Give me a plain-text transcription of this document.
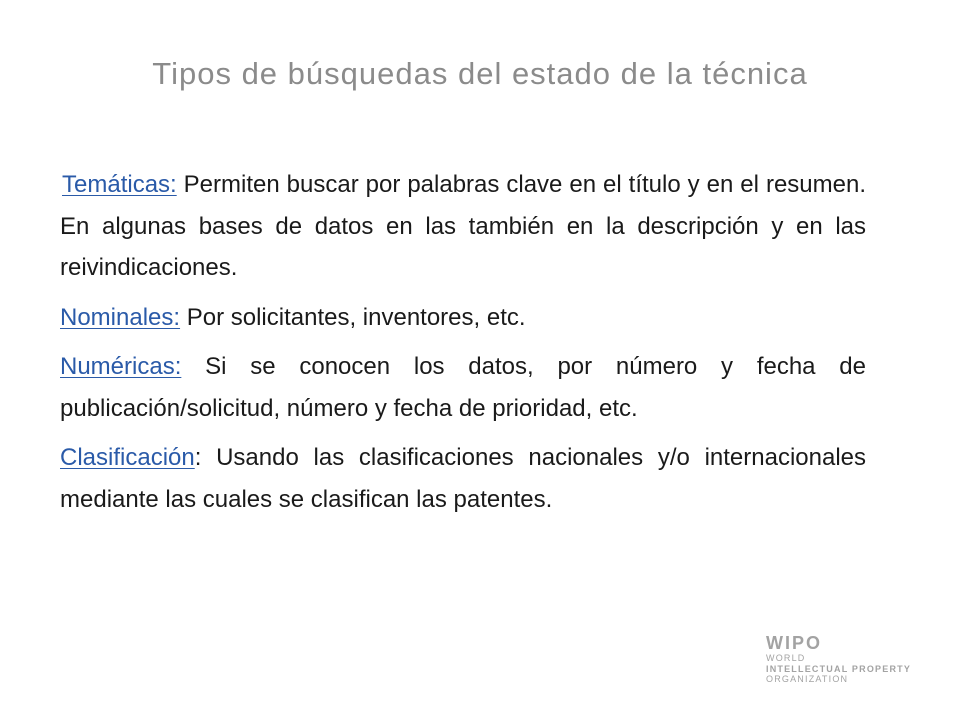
Tipos de búsquedas del estado de la técnica

Temáticas: Permiten buscar por palabras clave en el título y en el resumen. En algunas bases de datos en las también en la descripción y en las reivindicaciones.

Nominales: Por solicitantes, inventores, etc.

Numéricas: Si se conocen los datos, por número y fecha de publicación/solicitud, número y fecha de prioridad, etc.

Clasificación: Usando las clasificaciones nacionales y/o internacionales mediante las cuales se clasifican las patentes.

WIPO
WORLD
INTELLECTUAL PROPERTY
ORGANIZATION
